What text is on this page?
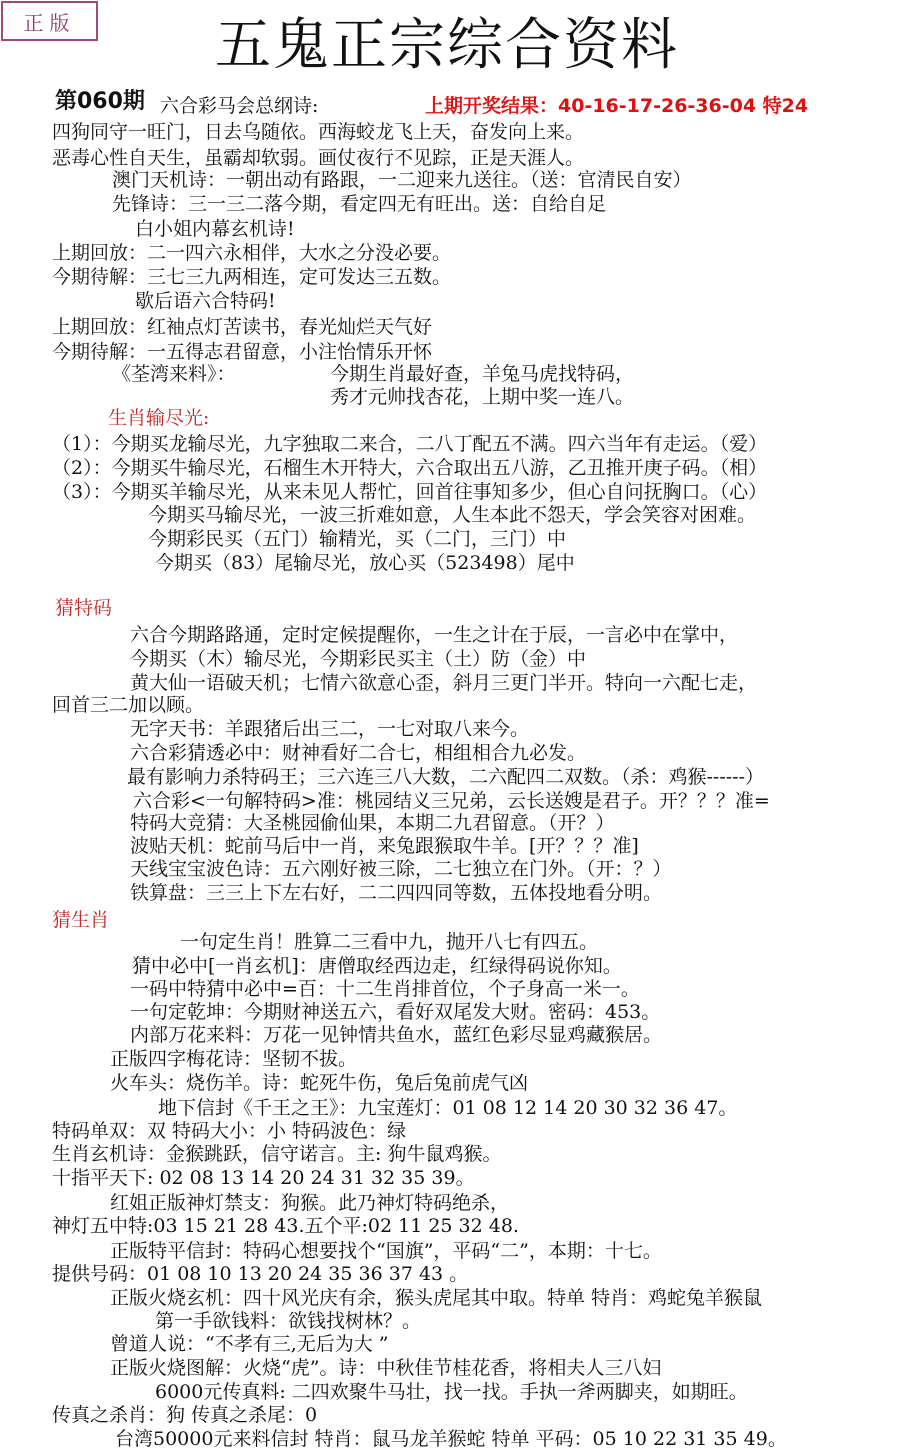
正版	五鬼正宗综合资料
第060期	上期开奖结果：40-16-17-26-36-04 特24
六合彩马会总纲诗:
四狗同守一旺门，日去乌随依。西海蛟龙飞上天，奋发向上来。
恶毒心性自天生，虽霸却软弱。画仗夜行不见踪，正是天涯人。
澳门天机诗：一朝出动有路跟，一二迎来九送往。（送：官清民自安）
先锋诗：三一三二落今期，看定四无有旺出。送：自给自足
白小姐内幕玄机诗!
上期回放：二一四六永相伴，大水之分没必要。
今期待解：三七三九两相连，定可发达三五数。
歇后语六合特码!
上期回放：红袖点灯苦读书，春光灿烂天气好
今期待解：一五得志君留意，小注怡情乐开怀
《荃湾来料》：	今期生肖最好查，羊兔马虎找特码，
秀才元帅找杏花，上期中奖一连八。
生肖输尽光:
（1）：今期买龙输尽光，九字独取二来合，二八丁配五不满。四六当年有走运。（爱）
（2）：今期买牛输尽光，石榴生木开特大，六合取出五八游，乙丑推开庚子码。（相）
（3）：今期买羊输尽光，从来未见人帮忙，回首往事知多少，但心自问抚胸口。（心）
今期买马输尽光，一波三折难如意，人生本此不怨天，学会笑容对困难。
今期彩民买（五门）输精光，买（二门，三门）中
今期买（83）尾输尽光，放心买（523498）尾中
猜特码
六合今期路路通，定时定候提醒你，一生之计在于辰，一言必中在掌中，
今期买（木）输尽光，今期彩民买主（土）防（金）中
黄大仙一语破天机；七情六欲意心歪，斜月三更门半开。特向一六配七走，
回首三二加以顾。
无字天书：羊跟猪后出三二，一七对取八来今。
六合彩猜透必中：财神看好二合七，相组相合九必发。
最有影响力杀特码王；三六连三八大数，二六配四二双数。（杀：鸡猴------）
六合彩<一句解特码>准：桃园结义三兄弟，云长送嫂是君子。开？？？准=
特码大竞猜：大圣桃园偷仙果，本期二九君留意。（开？）
波贴天机：蛇前马后中一肖，来兔跟猴取牛羊。[开？？？准]
天线宝宝波色诗：五六刚好被三除，二七独立在门外。（开：？）
铁算盘：三三上下左右好，二二四四同等数，五体投地看分明。
猜生肖
一句定生肖！胜算二三看中九，抛开八七有四五。
猜中必中[一肖玄机]：唐僧取经西边走，红绿得码说你知。
一码中特猜中必中=百：十二生肖排首位，个子身高一米一。
一句定乾坤：今期财神送五六，看好双尾发大财。密码：453。
内部万花来料：万花一见钟情共鱼水，蓝红色彩尽显鸡藏猴居。
正版四字梅花诗：坚韧不拔。
火车头：烧伤羊。诗：蛇死牛伤，兔后兔前虎气凶
地下信封《千王之王》：九宝莲灯：01 08 12 14 20 30 32 36 47。
特码单双：双 特码大小：小 特码波色：绿
生肖玄机诗：金猴跳跃，信守诺言。主: 狗牛鼠鸡猴。
十指平天下: 02 08 13 14 20 24 31 32 35 39。
红姐正版神灯禁支：狗猴。此乃神灯特码绝杀，
神灯五中特:03 15 21 28 43.五个平:02 11 25 32 48.
正版特平信封：特码心想要找个“国旗”，平码“二”，本期：十七。
提供号码：01 08 10 13 20 24 35 36 37 43 。
正版火烧玄机：四十风光庆有余，猴头虎尾其中取。特单 特肖：鸡蛇兔羊猴鼠
第一手欲钱料：欲钱找树林？。
曾道人说：“不孝有三,无后为大 ”
正版火烧图解：火烧“虎”。诗：中秋佳节桂花香，将相夫人三八妇
6000元传真料: 二四欢聚牛马壮，找一找。手执一斧两脚夹，如期旺。
传真之杀肖：狗 传真之杀尾：0
台湾50000元来料信封 特肖：鼠马龙羊猴蛇 特单 平码：05 10 22 31 35 49。
